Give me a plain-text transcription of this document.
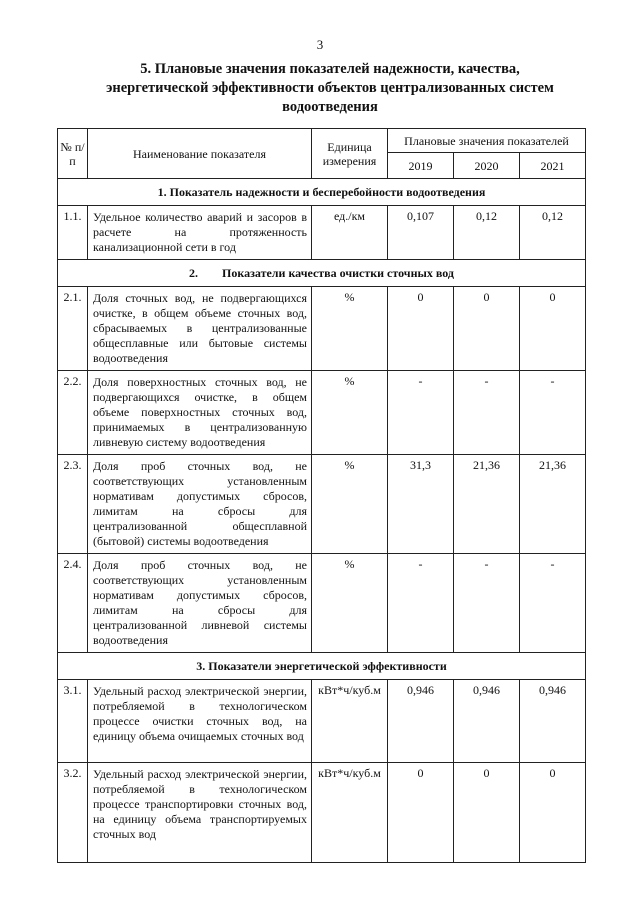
3
5. Плановые значения показателей надежности, качества, энергетической эффективности объектов централизованных систем водоотведения
№ п/п	Наименование показателя	Единица измерения	Плановые значения показателей		
			2019	2020	2021
1. Показатель надежности и бесперебойности водоотведения					
1.1.	Удельное количество аварий и засоров в расчете на протяженность канализационной сети в год	ед./км	0,107	0,12	0,12
2.        Показатели качества очистки сточных вод					
2.1.	Доля сточных вод, не подвергающихся очистке, в общем объеме сточных вод, сбрасываемых в централизованные общесплавные или бытовые системы водоотведения	%	0	0	0
2.2.	Доля поверхностных сточных вод, не подвергающихся очистке, в общем объеме поверхностных сточных вод, принимаемых в централизованную ливневую систему водоотведения	%	-	-	-
2.3.	Доля проб сточных вод, не соответствующих установленным нормативам допустимых сбросов, лимитам на сбросы для централизованной общесплавной (бытовой) системы водоотведения	%	31,3	21,36	21,36
2.4.	Доля проб сточных вод, не соответствующих установленным нормативам допустимых сбросов, лимитам на сбросы для централизованной ливневой системы водоотведения	%	-	-	-
3. Показатели энергетической эффективности					
3.1.	Удельный расход электрической энергии, потребляемой в технологическом процессе очистки сточных вод, на единицу объема очищаемых сточных вод	кВт*ч/куб.м	0,946	0,946	0,946
3.2.	Удельный расход электрической энергии, потребляемой в технологическом процессе транспортировки сточных вод, на единицу объема транспортируемых сточных вод	кВт*ч/куб.м	0	0	0
